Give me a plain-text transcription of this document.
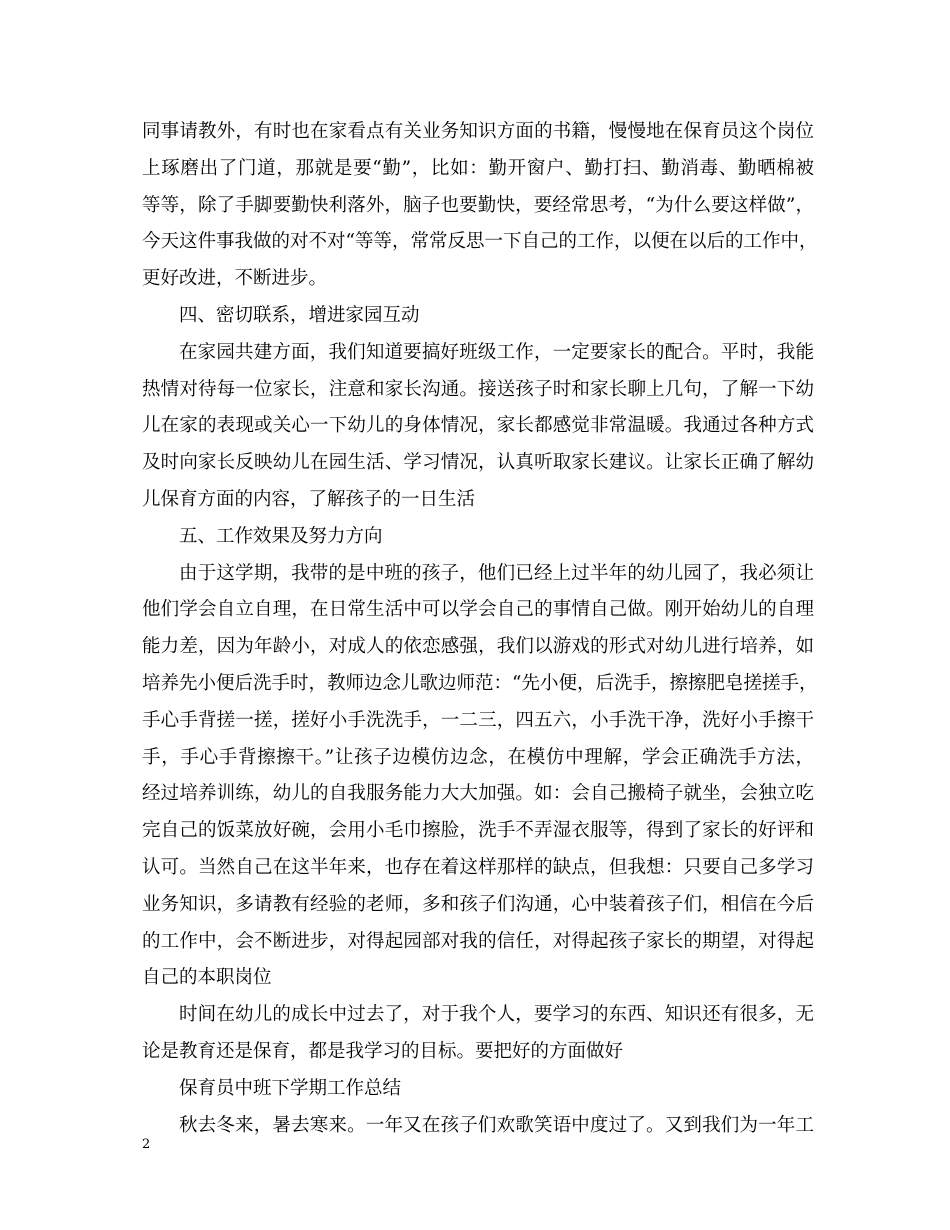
同事请教外，有时也在家看点有关业务知识方面的书籍，慢慢地在保育员这个岗位
上琢磨出了门道，那就是要“勤”，比如：勤开窗户、勤打扫、勤消毒、勤晒棉被
等等，除了手脚要勤快利落外，脑子也要勤快，要经常思考，“为什么要这样做”，
今天这件事我做的对不对“等等，常常反思一下自己的工作，以便在以后的工作中，
更好改进，不断进步。
四、密切联系，增进家园互动
在家园共建方面，我们知道要搞好班级工作，一定要家长的配合。平时，我能
热情对待每一位家长，注意和家长沟通。接送孩子时和家长聊上几句，了解一下幼
儿在家的表现或关心一下幼儿的身体情况，家长都感觉非常温暖。我通过各种方式
及时向家长反映幼儿在园生活、学习情况，认真听取家长建议。让家长正确了解幼
儿保育方面的内容，了解孩子的一日生活
五、工作效果及努力方向
由于这学期，我带的是中班的孩子，他们已经上过半年的幼儿园了，我必须让
他们学会自立自理，在日常生活中可以学会自己的事情自己做。刚开始幼儿的自理
能力差，因为年龄小，对成人的依恋感强，我们以游戏的形式对幼儿进行培养，如
培养先小便后洗手时，教师边念儿歌边师范：“先小便，后洗手，擦擦肥皂搓搓手，
手心手背搓一搓，搓好小手洗洗手，一二三，四五六，小手洗干净，洗好小手擦干
手，手心手背擦擦干。”让孩子边模仿边念，在模仿中理解，学会正确洗手方法，
经过培养训练，幼儿的自我服务能力大大加强。如：会自己搬椅子就坐，会独立吃
完自己的饭菜放好碗，会用小毛巾擦脸，洗手不弄湿衣服等，得到了家长的好评和
认可。当然自己在这半年来，也存在着这样那样的缺点，但我想：只要自己多学习
业务知识，多请教有经验的老师，多和孩子们沟通，心中装着孩子们，相信在今后
的工作中，会不断进步，对得起园部对我的信任，对得起孩子家长的期望，对得起
自己的本职岗位
时间在幼儿的成长中过去了，对于我个人，要学习的东西、知识还有很多，无
论是教育还是保育，都是我学习的目标。要把好的方面做好
保育员中班下学期工作总结
秋去冬来，暑去寒来。一年又在孩子们欢歌笑语中度过了。又到我们为一年工
2
